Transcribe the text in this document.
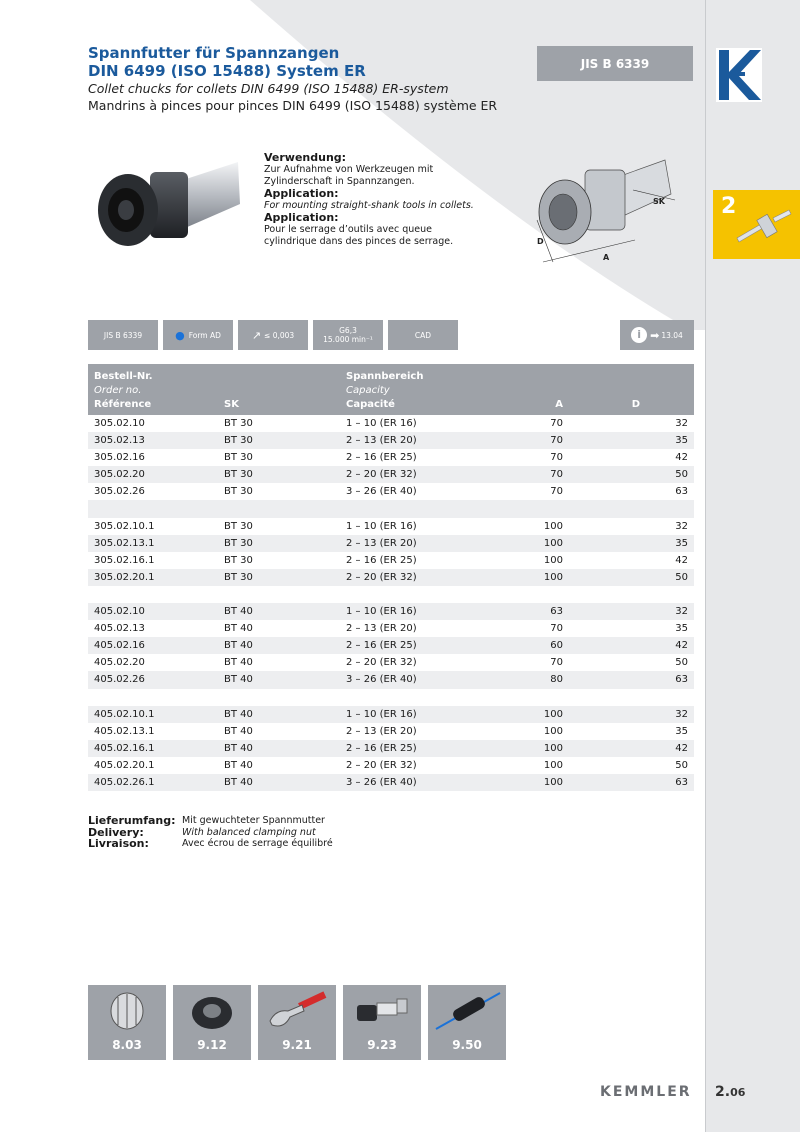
Spannfutter für Spannzangen
DIN 6499 (ISO 15488) System ER
Collet chucks for collets DIN 6499 (ISO 15488) ER-system
Mandrins à pinces pour pinces DIN 6499 (ISO 15488) système ER
JIS B 6339
2
Verwendung:
Zur Aufnahme von Werkzeugen mit
Zylinderschaft in Spannzangen.
Application:
For mounting straight-shank tools in collets.
Application:
Pour le serrage d’outils avec queue
cylindrique dans des pinces de serrage.
SK
A
D
JIS B 6339	● Form AD	↗ ≤ 0,003	G6,3
15.000 min⁻¹	CAD	i ➡ 13.04
Bestell-Nr.		Spannbereich		
Order no.		Capacity		
Référence	SK	Capacité	A	D
305.02.10	BT 30	1 – 10 (ER 16)	70	32
305.02.13	BT 30	2 – 13 (ER 20)	70	35
305.02.16	BT 30	2 – 16 (ER 25)	70	42
305.02.20	BT 30	2 – 20 (ER 32)	70	50
305.02.26	BT 30	3 – 26 (ER 40)	70	63

305.02.10.1	BT 30	1 – 10 (ER 16)	100	32
305.02.13.1	BT 30	2 – 13 (ER 20)	100	35
305.02.16.1	BT 30	2 – 16 (ER 25)	100	42
305.02.20.1	BT 30	2 – 20 (ER 32)	100	50

405.02.10	BT 40	1 – 10 (ER 16)	63	32
405.02.13	BT 40	2 – 13 (ER 20)	70	35
405.02.16	BT 40	2 – 16 (ER 25)	60	42
405.02.20	BT 40	2 – 20 (ER 32)	70	50
405.02.26	BT 40	3 – 26 (ER 40)	80	63

405.02.10.1	BT 40	1 – 10 (ER 16)	100	32
405.02.13.1	BT 40	2 – 13 (ER 20)	100	35
405.02.16.1	BT 40	2 – 16 (ER 25)	100	42
405.02.20.1	BT 40	2 – 20 (ER 32)	100	50
405.02.26.1	BT 40	3 – 26 (ER 40)	100	63
Lieferumfang: Mit gewuchteter Spannmutter
Delivery:	With balanced clamping nut
Livraison:	Avec écrou de serrage équilibré
8.03	9.12	9.21	9.23	9.50
KEMMLER 2.06
